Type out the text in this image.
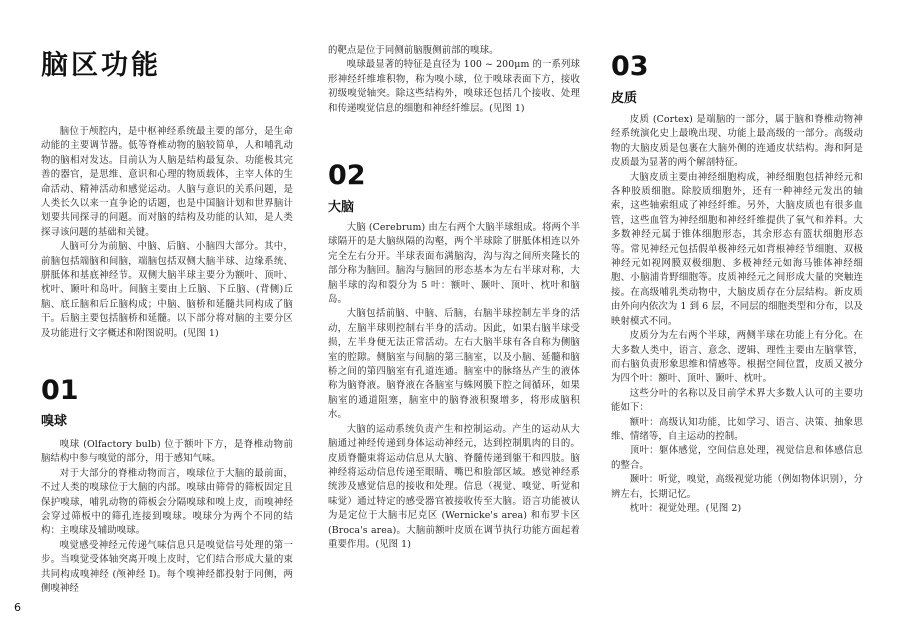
脑区功能

脑位于颅腔内，是中枢神经系统最主要的部分，是生命动能的主要调节器。低等脊椎动物的脑较简单，人和哺乳动物的脑相对发达。目前认为人脑是结构最复杂、功能极其完善的器官，是思维、意识和心理的物质载体，主宰人体的生命活动、精神活动和感觉运动。人脑与意识的关系问题，是人类长久以来一直争论的话题，也是中国脑计划和世界脑计划要共同探寻的问题。而对脑的结构及功能的认知，是人类探寻该问题的基础和关键。

人脑可分为前脑、中脑、后脑、小脑四大部分。其中，前脑包括端脑和间脑，端脑包括双侧大脑半球、边缘系统、胼胝体和基底神经节。双侧大脑半球主要分为额叶、顶叶、枕叶、颞叶和岛叶。间脑主要由上丘脑、下丘脑、(背侧)丘脑、底丘脑和后丘脑构成；中脑、脑桥和延髓共同构成了脑干。后脑主要包括脑桥和延髓。以下部分将对脑的主要分区及功能进行文字概述和附图说明。(见图 1)

01
嗅球

嗅球 (Olfactory bulb) 位于额叶下方，是脊椎动物前脑结构中参与嗅觉的部分，用于感知气味。

对于大部分的脊椎动物而言，嗅球位于大脑的最前面，不过人类的嗅球位于大脑的内部。嗅球由筛骨的筛板固定且保护嗅球，哺乳动物的筛板会分隔嗅球和嗅上皮，而嗅神经会穿过筛板中的筛孔连接到嗅球。嗅球分为两个不同的结构：主嗅球及辅助嗅球。

嗅觉感受神经元传递气味信息只是嗅觉信号处理的第一步。当嗅觉受体轴突离开嗅上皮时，它们结合形成大量的束共同构成嗅神经 (颅神经 I)。每个嗅神经都投射于同侧，两侧嗅神经

的靶点是位于同侧前脑腹侧前部的嗅球。

嗅球最显著的特征是直径为 100 ~ 200μm 的一系列球形神经纤维堆积物，称为嗅小球，位于嗅球表面下方，接收初级嗅觉轴突。除这些结构外，嗅球还包括几个接收、处理和传递嗅觉信息的细胞和神经纤维层。(见图 1)

02
大脑

大脑 (Cerebrum) 由左右两个大脑半球组成。将两个半球隔开的是大脑纵隔的沟壑，两个半球除了胼胝体相连以外完全左右分开。半球表面布满脑沟，沟与沟之间所夹隆长的部分称为脑回。脑沟与脑回的形态基本为左右半球对称，大脑半球的沟和裂分为 5 叶：额叶、颞叶、顶叶、枕叶和脑岛。

大脑包括前脑、中脑、后脑，右脑半球控制左半身的活动，左脑半球则控制右半身的活动。因此，如果右脑半球受损，左半身便无法正常活动。左右大脑半球有各自称为侧脑室的腔隙。侧脑室与间脑的第三脑室，以及小脑、延髓和脑桥之间的第四脑室有孔道连通。脑室中的脉络丛产生的液体称为脑脊液。脑脊液在各脑室与蛛网膜下腔之间循环，如果脑室的通道阻塞，脑室中的脑脊液积聚增多，将形成脑积水。

大脑的运动系统负责产生和控制运动。产生的运动从大脑通过神经传递到身体运动神经元，达到控制肌肉的目的。皮质脊髓束将运动信息从大脑、脊髓传递到躯干和四肢。脑神经将运动信息传递至眼睛、嘴巴和脸部区域。感觉神经系统涉及感觉信息的接收和处理。信息（视觉、嗅觉、听觉和味觉）通过特定的感受器官被接收传至大脑。语言功能被认为是定位于大脑韦尼克区 (Wernicke's area) 和布罗卡区 (Broca's area)。大脑前额叶皮质在调节执行功能方面起着重要作用。(见图 1)

03
皮质

皮质 (Cortex) 是端脑的一部分，属于脑和脊椎动物神经系统演化史上最晚出现、功能上最高级的一部分。高级动物的大脑皮质是包裹在大脑外侧的连通皮状结构。海和阿是皮质最为显著的两个解剖特征。

大脑皮质主要由神经细胞构成，神经细胞包括神经元和各种胶质细胞。除胶质细胞外，还有一种神经元发出的轴索，这些轴索组成了神经纤维。另外，大脑皮质也有很多血管，这些血管为神经细胞和神经纤维提供了氧气和养料。大多数神经元属于锥体细胞形态，其余形态有篮状细胞形态等。常见神经元包括假单极神经元如背根神经节细胞、双极神经元如视网膜双极细胞、多极神经元如海马锥体神经细胞、小脑浦肯野细胞等。皮质神经元之间形成大量的突触连接。在高级哺乳类动物中，大脑皮质存在分层结构。新皮质由外向内依次为 1 到 6 层，不同层的细胞类型和分布，以及映射模式不同。

皮质分为左右两个半球，两侧半球在功能上有分化。在大多数人类中，语言、意念、逻辑、理性主要由左脑掌管，而右脑负责形象思维和情感等。根据空间位置，皮质又被分为四个叶：额叶、顶叶、颞叶、枕叶。

这些分叶的名称以及目前学术界大多数人认可的主要功能如下：

额叶：高级认知功能，比如学习、语言、决策、抽象思维、情绪等，自主运动的控制。

顶叶：躯体感觉，空间信息处理，视觉信息和体感信息的整合。

颞叶：听觉，嗅觉，高级视觉功能（例如物体识别），分辨左右，长期记忆。

枕叶：视觉处理。(见图 2)

6
